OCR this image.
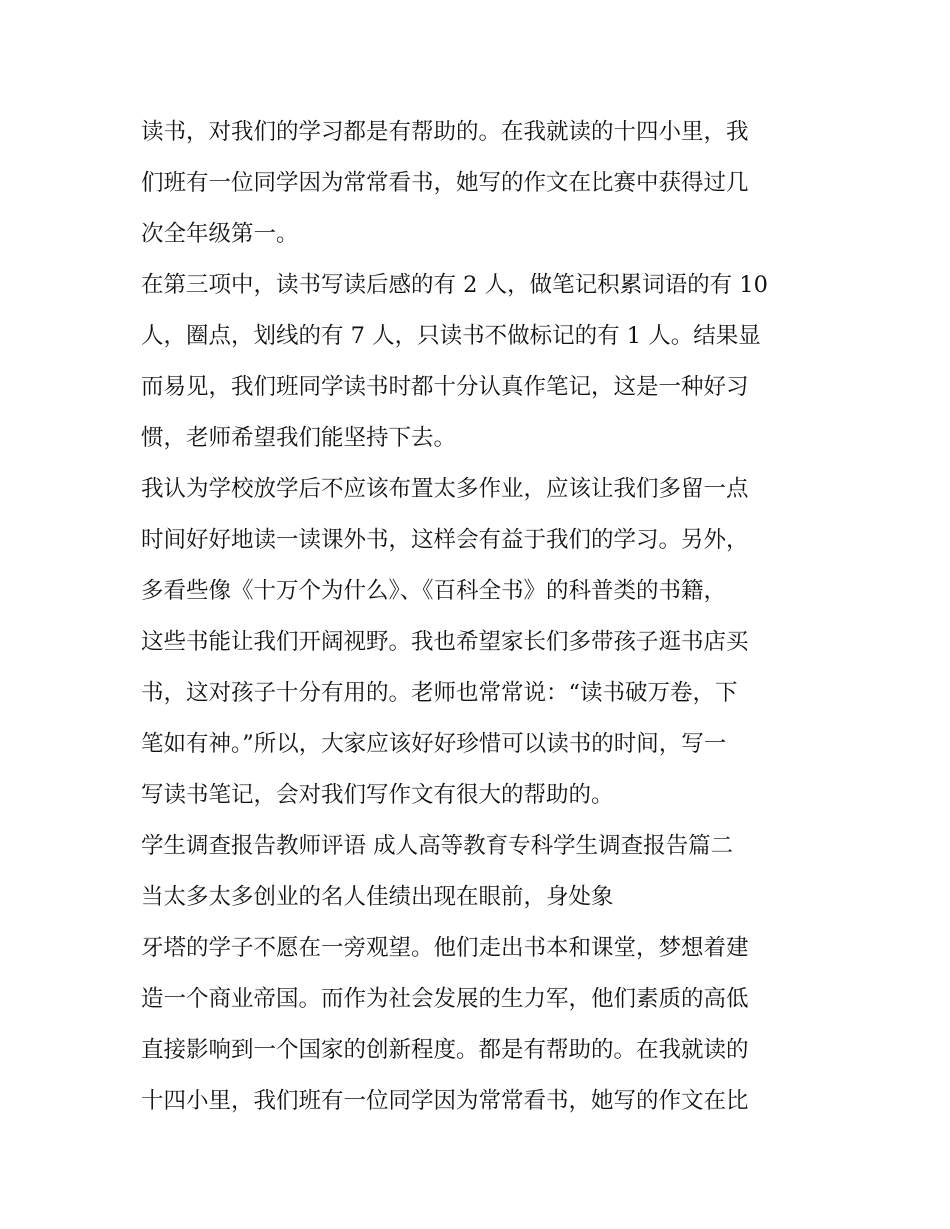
读书，对我们的学习都是有帮助的。在我就读的十四小里，我
们班有一位同学因为常常看书，她写的作文在比赛中获得过几
次全年级第一。
在第三项中，读书写读后感的有 2 人，做笔记积累词语的有 10
人，圈点，划线的有 7 人，只读书不做标记的有 1 人。结果显
而易见，我们班同学读书时都十分认真作笔记，这是一种好习
惯，老师希望我们能坚持下去。
我认为学校放学后不应该布置太多作业，应该让我们多留一点
时间好好地读一读课外书，这样会有益于我们的学习。另外，
多看些像《十万个为什么》、《百科全书》的科普类的书籍，
这些书能让我们开阔视野。我也希望家长们多带孩子逛书店买
书，这对孩子十分有用的。老师也常常说：“读书破万卷，下
笔如有神。”所以，大家应该好好珍惜可以读书的时间，写一
写读书笔记，会对我们写作文有很大的帮助的。
学生调查报告教师评语 成人高等教育专科学生调查报告篇二
当太多太多创业的名人佳绩出现在眼前，身处象
牙塔的学子不愿在一旁观望。他们走出书本和课堂，梦想着建
造一个商业帝国。而作为社会发展的生力军，他们素质的高低
直接影响到一个国家的创新程度。都是有帮助的。在我就读的
十四小里，我们班有一位同学因为常常看书，她写的作文在比
